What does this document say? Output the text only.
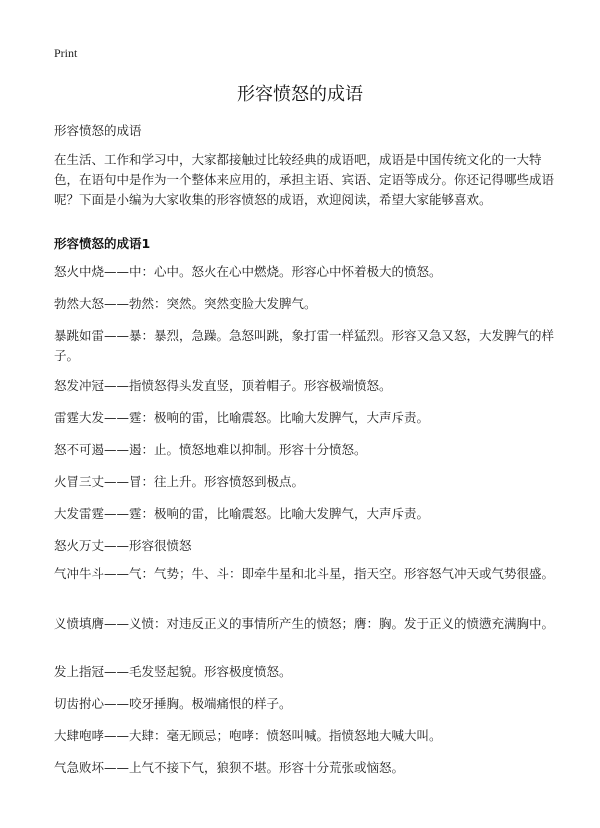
Print
形容愤怒的成语
形容愤怒的成语

在生活、工作和学习中，大家都接触过比较经典的成语吧，成语是中国传统文化的一大特色，在语句中是作为一个整体来应用的，承担主语、宾语、定语等成分。你还记得哪些成语呢？下面是小编为大家收集的形容愤怒的成语，欢迎阅读，希望大家能够喜欢。

形容愤怒的成语1

怒火中烧——中：心中。怒火在心中燃烧。形容心中怀着极大的愤怒。

勃然大怒——勃然：突然。突然变脸大发脾气。

暴跳如雷——暴：暴烈，急躁。急怒叫跳，象打雷一样猛烈。形容又急又怒，大发脾气的样子。

怒发冲冠——指愤怒得头发直竖，顶着帽子。形容极端愤怒。

雷霆大发——霆：极响的雷，比喻震怒。比喻大发脾气，大声斥责。

怒不可遏——遏：止。愤怒地难以抑制。形容十分愤怒。

火冒三丈——冒：往上升。形容愤怒到极点。

大发雷霆——霆：极响的雷，比喻震怒。比喻大发脾气，大声斥责。

怒火万丈——形容很愤怒

气冲牛斗——气：气势；牛、斗：即牵牛星和北斗星，指天空。形容怒气冲天或气势很盛。

义愤填膺——义愤：对违反正义的事情所产生的愤怒；膺：胸。发于正义的愤懑充满胸中。

发上指冠——毛发竖起貌。形容极度愤怒。

切齿拊心——咬牙捶胸。极端痛恨的样子。

大肆咆哮——大肆：毫无顾忌；咆哮：愤怒叫喊。指愤怒地大喊大叫。

气急败坏——上气不接下气，狼狈不堪。形容十分荒张或恼怒。
